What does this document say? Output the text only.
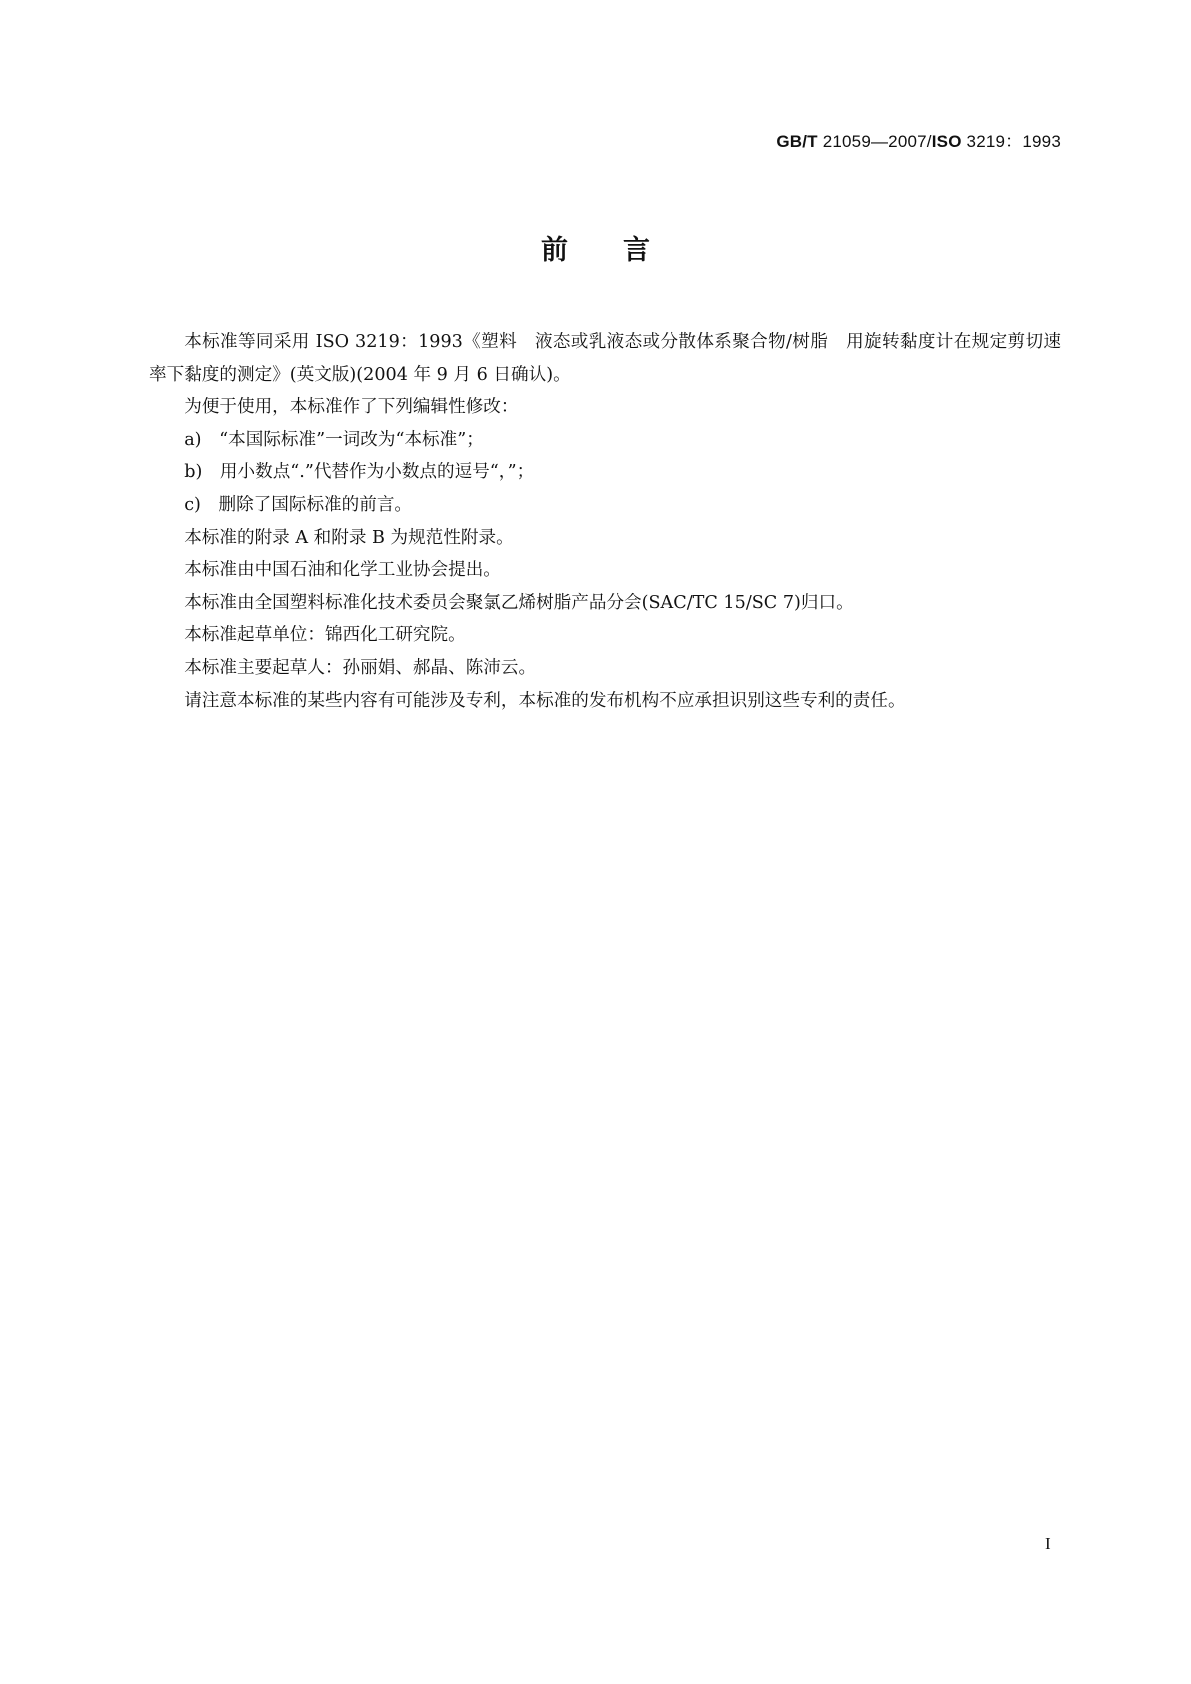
GB/T 21059—2007/ISO 3219：1993
前言

本标准等同采用 ISO 3219：1993《塑料　液态或乳液态或分散体系聚合物/树脂　用旋转黏度计在规定剪切速率下黏度的测定》(英文版)(2004 年 9 月 6 日确认)。

为便于使用，本标准作了下列编辑性修改：

a)　“本国际标准”一词改为“本标准”；

b)　用小数点“.”代替作为小数点的逗号“，”；

c)　删除了国际标准的前言。

本标准的附录 A 和附录 B 为规范性附录。

本标准由中国石油和化学工业协会提出。

本标准由全国塑料标准化技术委员会聚氯乙烯树脂产品分会(SAC/TC 15/SC 7)归口。

本标准起草单位：锦西化工研究院。

本标准主要起草人：孙丽娟、郝晶、陈沛云。

请注意本标准的某些内容有可能涉及专利，本标准的发布机构不应承担识别这些专利的责任。

I
